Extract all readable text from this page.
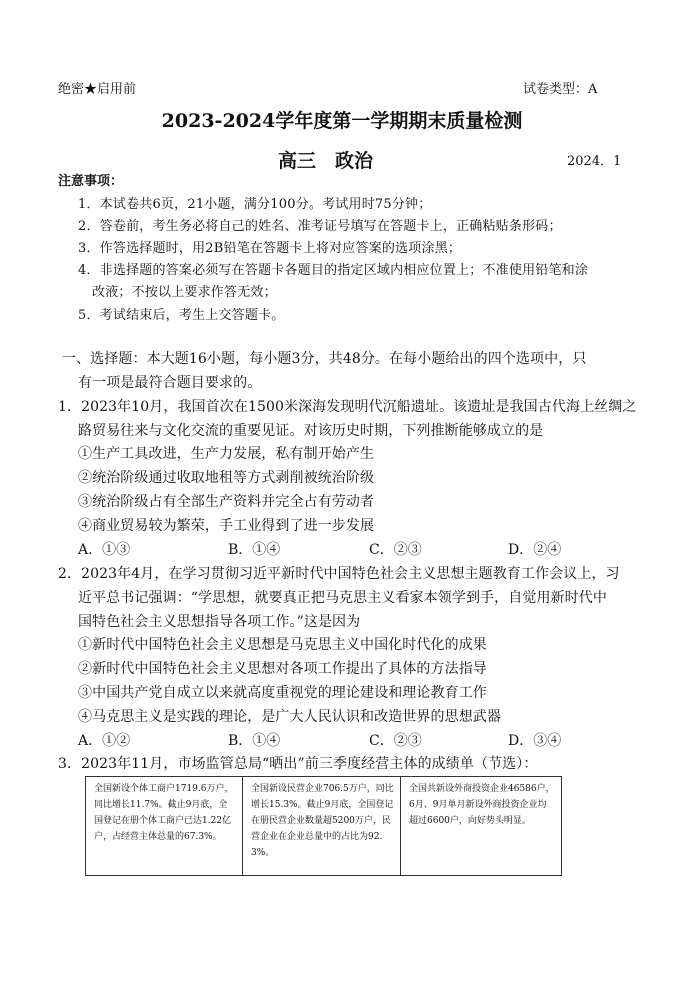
绝密★启用前	试卷类型：A
2023-2024学年度第一学期期末质量检测
高三　政治	2024．1
注意事项：
1．本试卷共6页，21小题，满分100分。考试用时75分钟；
2．答卷前，考生务必将自己的姓名、准考证号填写在答题卡上，正确粘贴条形码；
3．作答选择题时，用2B铅笔在答题卡上将对应答案的选项涂黑；
4．非选择题的答案必须写在答题卡各题目的指定区域内相应位置上；不准使用铅笔和涂
改液；不按以上要求作答无效；
5．考试结束后，考生上交答题卡。
一、选择题：本大题16小题，每小题3分，共48分。在每小题给出的四个选项中，只
有一项是最符合题目要求的。
1．2023年10月，我国首次在1500米深海发现明代沉船遗址。该遗址是我国古代海上丝绸之
路贸易往来与文化交流的重要见证。对该历史时期，下列推断能够成立的是
①生产工具改进，生产力发展，私有制开始产生
②统治阶级通过收取地租等方式剥削被统治阶级
③统治阶级占有全部生产资料并完全占有劳动者
④商业贸易较为繁荣，手工业得到了进一步发展
A．①③	B．①④	C．②③	D．②④
2．2023年4月，在学习贯彻习近平新时代中国特色社会主义思想主题教育工作会议上，习
近平总书记强调：“学思想，就要真正把马克思主义看家本领学到手，自觉用新时代中
国特色社会主义思想指导各项工作。”这是因为
①新时代中国特色社会主义思想是马克思主义中国化时代化的成果
②新时代中国特色社会主义思想对各项工作提出了具体的方法指导
③中国共产党自成立以来就高度重视党的理论建设和理论教育工作
④马克思主义是实践的理论，是广大人民认识和改造世界的思想武器
A．①②	B．①④	C．②③	D．③④
3．2023年11月，市场监管总局“晒出”前三季度经营主体的成绩单（节选）：
全国新设个体工商户1719.6万户，同比增长11.7%。截止9月底，全国登记在册个体工商户已达1.22亿户，占经营主体总量的67.3%。
全国新设民营企业706.5万户，同比增长15.3%。截止9月底，全国登记在册民营企业数量超5200万户，民营企业在企业总量中的占比为92.3%。
全国共新设外商投资企业46586户，6月、9月单月新设外商投资企业均超过6600户，向好势头明显。
